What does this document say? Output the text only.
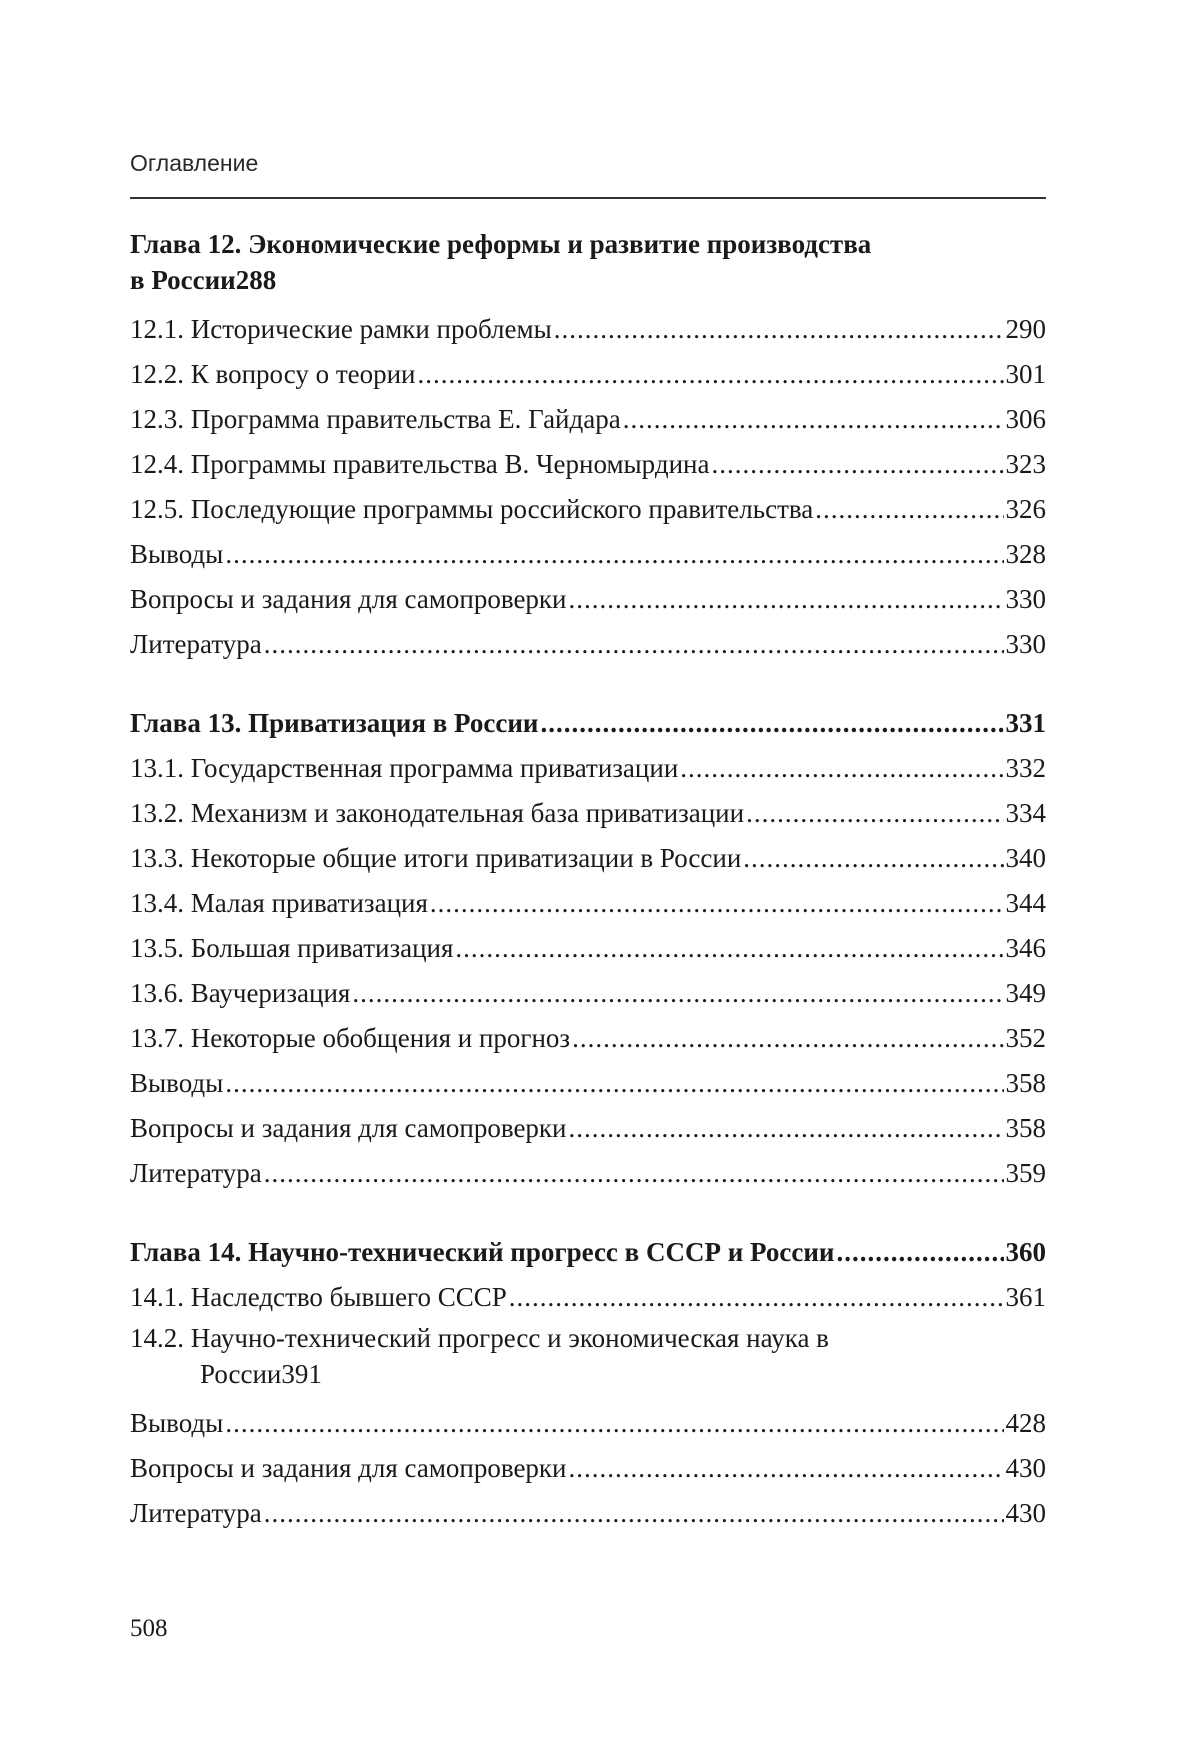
Оглавление
Глава 12. Экономические реформы и развитие производства
в России 288
12.1. Исторические рамки проблемы .....	290
12.2. К вопросу о теории .....	301
12.3. Программа правительства Е. Гайдара .....	306
12.4. Программы правительства В. Черномырдина .....	323
12.5. Последующие программы российского правительства .....	326
Выводы .....	328
Вопросы и задания для самопроверки .....	330
Литература .....	330
Глава 13. Приватизация в России .....	331
13.1. Государственная программа приватизации .....	332
13.2. Механизм и законодательная база приватизации .....	334
13.3. Некоторые общие итоги приватизации в России .....	340
13.4. Малая приватизация .....	344
13.5. Большая приватизация .....	346
13.6. Ваучеризация .....	349
13.7. Некоторые обобщения и прогноз .....	352
Выводы .....	358
Вопросы и задания для самопроверки .....	358
Литература .....	359
Глава 14. Научно-технический прогресс в СССР и России .....	360
14.1. Наследство бывшего СССР .....	361
14.2. Научно-технический прогресс и экономическая наука в
России 391
Выводы .....	428
Вопросы и задания для самопроверки .....	430
Литература .....	430
508
